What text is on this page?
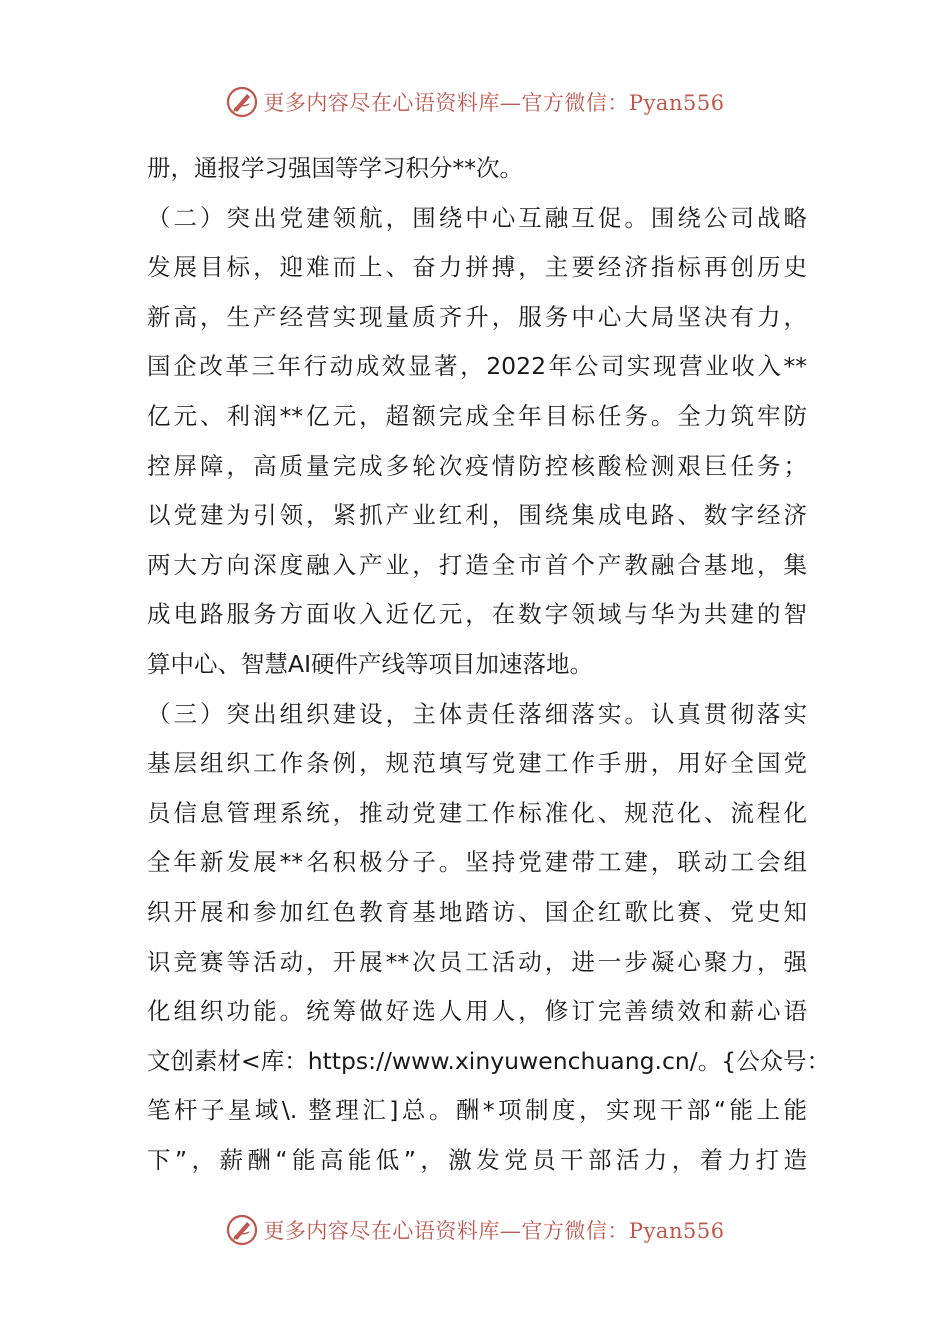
更多内容尽在心语资料库—官方微信：Pyan556
册，通报学习强国等学习积分**次。
（二）突出党建领航，围绕中心互融互促。围绕公司战略
发展目标，迎难而上、奋力拼搏，主要经济指标再创历史
新高，生产经营实现量质齐升，服务中心大局坚决有力，
国企改革三年行动成效显著，2022年公司实现营业收入**
亿元、利润**亿元，超额完成全年目标任务。全力筑牢防
控屏障，高质量完成多轮次疫情防控核酸检测艰巨任务；
以党建为引领，紧抓产业红利，围绕集成电路、数字经济
两大方向深度融入产业，打造全市首个产教融合基地，集
成电路服务方面收入近亿元，在数字领域与华为共建的智
算中心、智慧AI硬件产线等项目加速落地。
（三）突出组织建设，主体责任落细落实。认真贯彻落实
基层组织工作条例，规范填写党建工作手册，用好全国党
员信息管理系统，推动党建工作标准化、规范化、流程化
全年新发展**名积极分子。坚持党建带工建，联动工会组
织开展和参加红色教育基地踏访、国企红歌比赛、党史知
识竞赛等活动，开展**次员工活动，进一步凝心聚力，强
化组织功能。统筹做好选人用人，修订完善绩效和薪心语
文创素材<库：https://www.xinyuwenchuang.cn/。{公众号：
笔杆子星域\. 整理汇]总。酬*项制度，实现干部“能上能
下”，薪酬“能高能低”，激发党员干部活力，着力打造
更多内容尽在心语资料库—官方微信：Pyan556
